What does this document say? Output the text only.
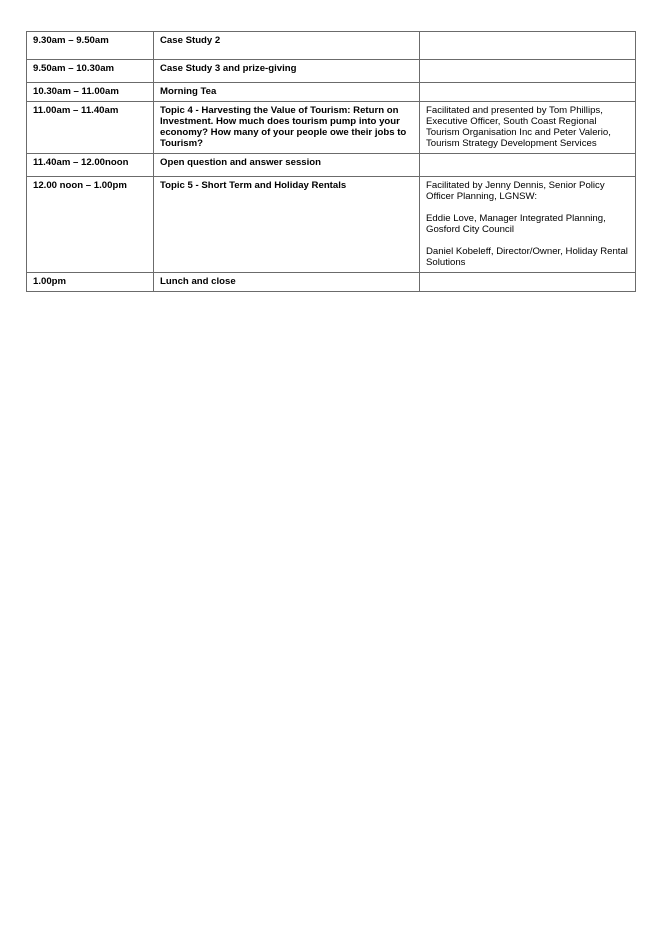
9.30am – 9.50am	Case Study 2	
9.50am – 10.30am	Case Study 3 and prize-giving	
10.30am – 11.00am	Morning Tea	
11.00am – 11.40am	Topic 4 - Harvesting the Value of Tourism: Return on Investment. How much does tourism pump into your economy? How many of your people owe their jobs to Tourism?	Facilitated and presented by Tom Phillips, Executive Officer, South Coast Regional Tourism Organisation Inc and Peter Valerio, Tourism Strategy Development Services

11.40am – 12.00noon	Open question and answer session	
12.00 noon – 1.00pm	Topic 5 - Short Term and Holiday Rentals	Facilitated by Jenny Dennis, Senior Policy Officer Planning, LGNSW:
Eddie Love, Manager Integrated Planning, Gosford City Council
Daniel Kobeleff, Director/Owner, Holiday Rental Solutions

1.00pm	Lunch and close	
